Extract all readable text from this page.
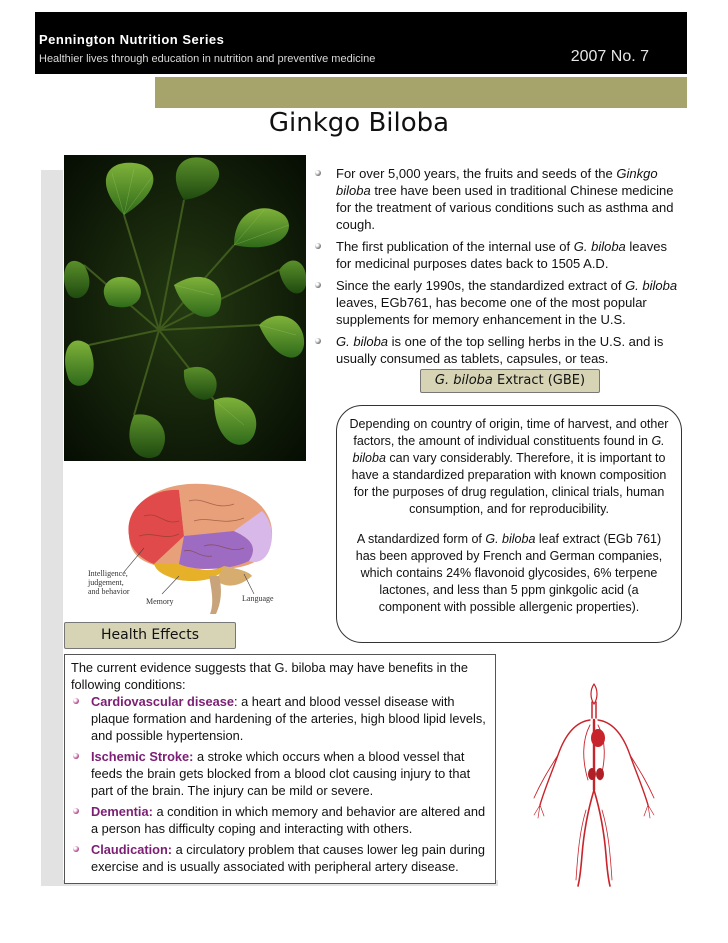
Pennington Nutrition Series
Healthier lives through education in nutrition and preventive medicine	2007 No. 7
Ginkgo Biloba
For over 5,000 years, the fruits and seeds of the Ginkgo biloba tree have been used in traditional Chinese medicine for the treatment of various conditions such as asthma and cough.
The first publication of the internal use of G. biloba leaves for medicinal purposes dates back to 1505 A.D.
Since the early 1990s, the standardized extract of G. biloba leaves, EGb761, has become one of the most popular supplements for memory enhancement in the U.S.
G. biloba is one of the top selling herbs in the U.S. and is usually consumed as tablets, capsules, or teas.
G. biloba Extract (GBE)

Depending on country of origin, time of harvest, and other factors, the amount of individual constituents found in G. biloba can vary considerably. Therefore, it is important to have a standardized preparation with known composition for the purposes of drug regulation, clinical trials, human consumption, and for reproducibility.

A standardized form of G. biloba leaf extract (EGb 761) has been approved by French and German companies, which contains 24% flavonoid glycosides, 6% terpene lactones, and less than 5 ppm ginkgolic acid (a component with possible allergenic properties).

Intelligence, judgement, and behavior
Memory	Language
Health Effects
The current evidence suggests that G. biloba may have benefits in the following conditions:
Cardiovascular disease: a heart and blood vessel disease with plaque formation and hardening of the arteries, high blood lipid levels, and possible hypertension.
Ischemic Stroke: a stroke which occurs when a blood vessel that feeds the brain gets blocked from a blood clot causing injury to that part of the brain. The injury can be mild or severe.
Dementia: a condition in which memory and behavior are altered and a person has difficulty coping and interacting with others.
Claudication: a circulatory problem that causes lower leg pain during exercise and is usually associated with peripheral artery disease.
